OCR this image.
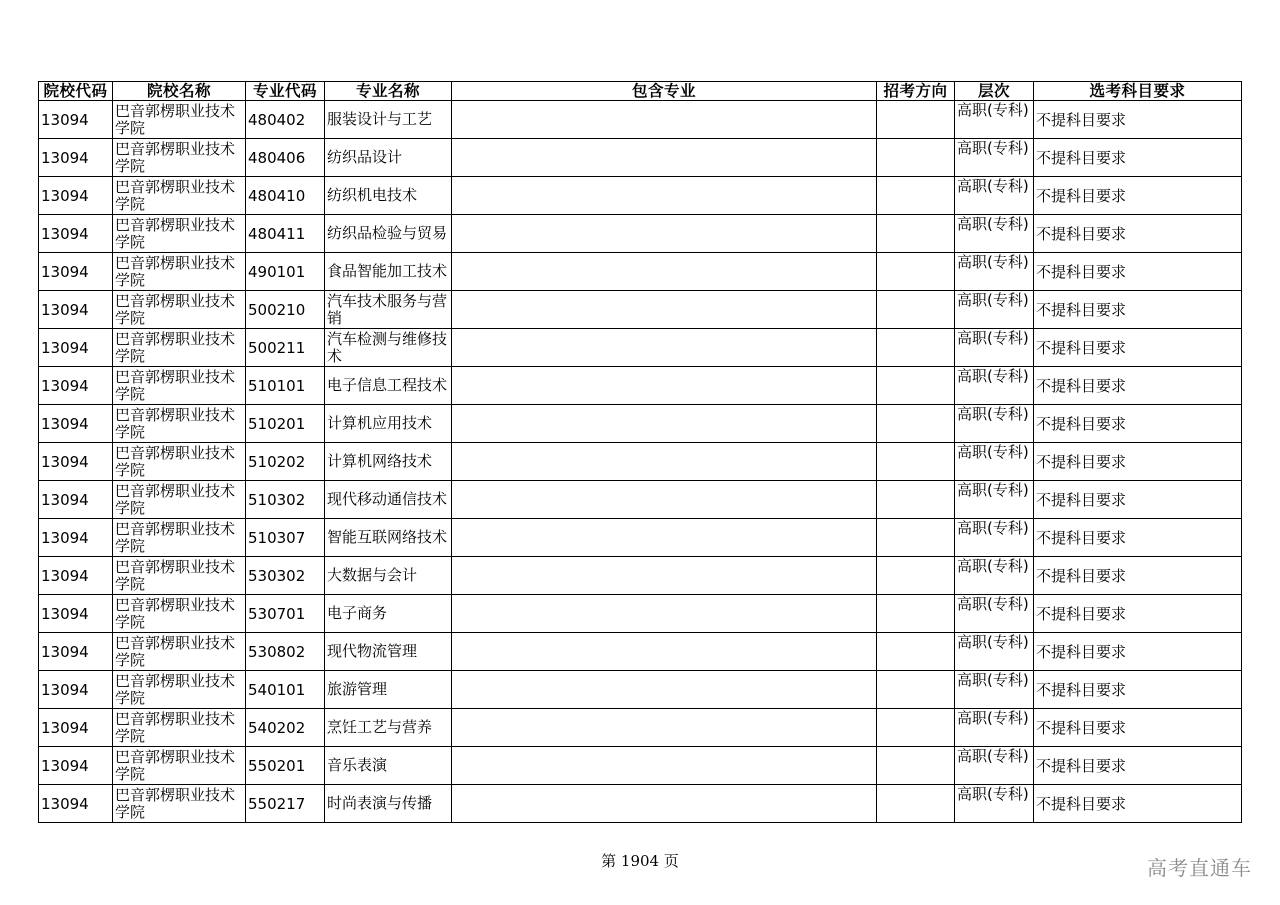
院校代码	院校名称	专业代码	专业名称	包含专业	招考方向	层次	选考科目要求
13094	巴音郭楞职业技术学院	480402	服装设计与工艺			高职(专科)	不提科目要求
13094	巴音郭楞职业技术学院	480406	纺织品设计			高职(专科)	不提科目要求
13094	巴音郭楞职业技术学院	480410	纺织机电技术			高职(专科)	不提科目要求
13094	巴音郭楞职业技术学院	480411	纺织品检验与贸易			高职(专科)	不提科目要求
13094	巴音郭楞职业技术学院	490101	食品智能加工技术			高职(专科)	不提科目要求
13094	巴音郭楞职业技术学院	500210	汽车技术服务与营销			高职(专科)	不提科目要求
13094	巴音郭楞职业技术学院	500211	汽车检测与维修技术			高职(专科)	不提科目要求
13094	巴音郭楞职业技术学院	510101	电子信息工程技术			高职(专科)	不提科目要求
13094	巴音郭楞职业技术学院	510201	计算机应用技术			高职(专科)	不提科目要求
13094	巴音郭楞职业技术学院	510202	计算机网络技术			高职(专科)	不提科目要求
13094	巴音郭楞职业技术学院	510302	现代移动通信技术			高职(专科)	不提科目要求
13094	巴音郭楞职业技术学院	510307	智能互联网络技术			高职(专科)	不提科目要求
13094	巴音郭楞职业技术学院	530302	大数据与会计			高职(专科)	不提科目要求
13094	巴音郭楞职业技术学院	530701	电子商务			高职(专科)	不提科目要求
13094	巴音郭楞职业技术学院	530802	现代物流管理			高职(专科)	不提科目要求
13094	巴音郭楞职业技术学院	540101	旅游管理			高职(专科)	不提科目要求
13094	巴音郭楞职业技术学院	540202	烹饪工艺与营养			高职(专科)	不提科目要求
13094	巴音郭楞职业技术学院	550201	音乐表演			高职(专科)	不提科目要求
13094	巴音郭楞职业技术学院	550217	时尚表演与传播			高职(专科)	不提科目要求
第 1904 页	高考直通车
